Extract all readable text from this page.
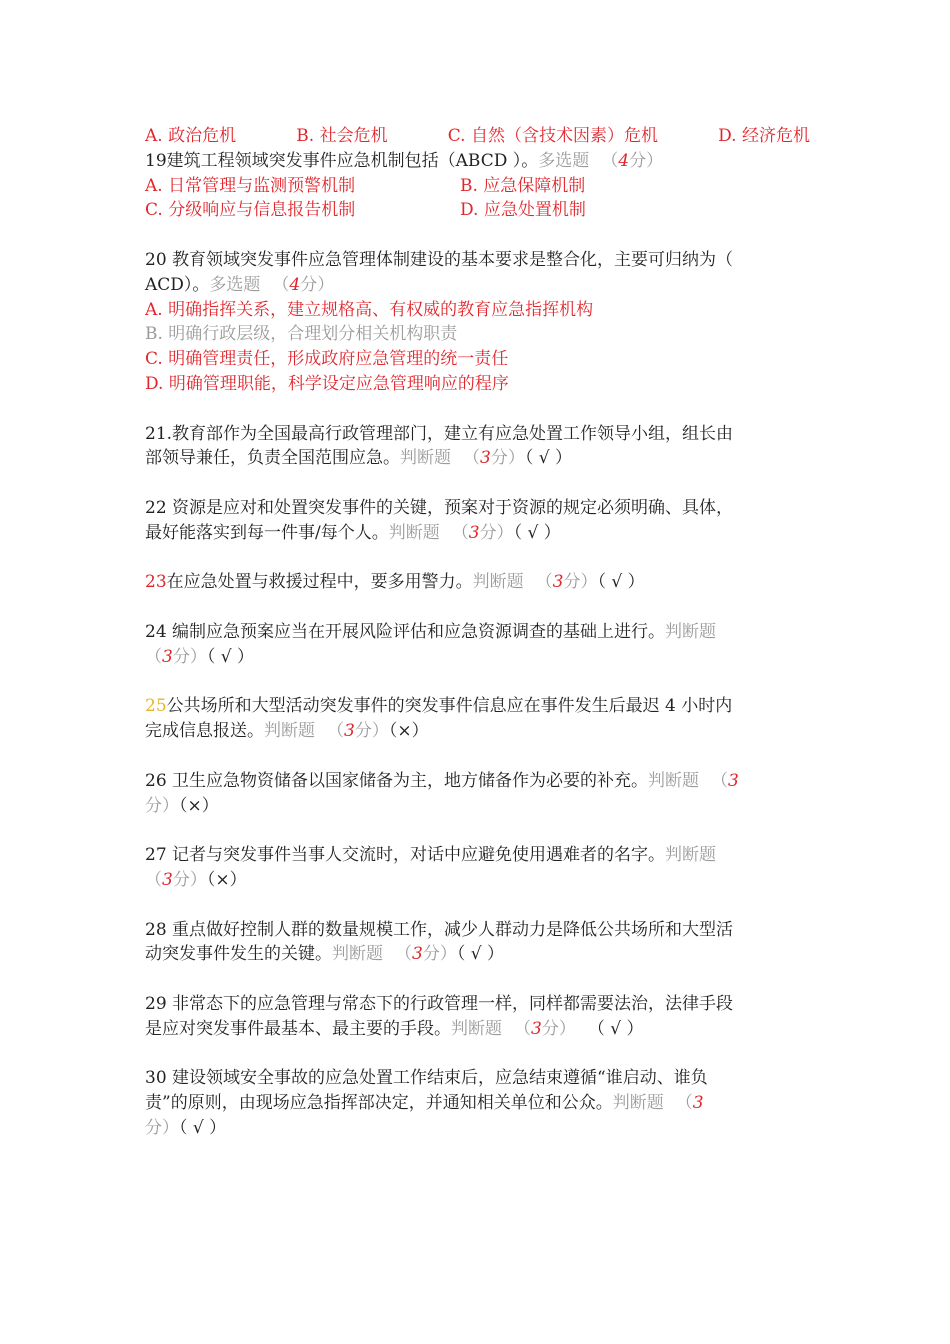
A. 政治危机	B. 社会危机	C. 自然（含技术因素）危机	D. 经济危机
19建筑工程领域突发事件应急机制包括（ABCD ）。多选题 （4分）
A. 日常管理与监测预警机制	B. 应急保障机制
C. 分级响应与信息报告机制	D. 应急处置机制
20 教育领域突发事件应急管理体制建设的基本要求是整合化，主要可归纳为（
ACD）。多选题 （4分）
A. 明确指挥关系，建立规格高、有权威的教育应急指挥机构
B. 明确行政层级，合理划分相关机构职责
C. 明确管理责任，形成政府应急管理的统一责任
D. 明确管理职能，科学设定应急管理响应的程序
21.教育部作为全国最高行政管理部门，建立有应急处置工作领导小组，组长由
部领导兼任，负责全国范围应急。判断题 （3分）（ √ ）
22 资源是应对和处置突发事件的关键，预案对于资源的规定必须明确、具体，
最好能落实到每一件事/每个人。判断题 （3分）（ √ ）
23在应急处置与救援过程中，要多用警力。判断题 （3分）（ √ ）
24 编制应急预案应当在开展风险评估和应急资源调查的基础上进行。判断题
（3分）（ √ ）
25公共场所和大型活动突发事件的突发事件信息应在事件发生后最迟 4 小时内
完成信息报送。判断题 （3分）（×）
26 卫生应急物资储备以国家储备为主，地方储备作为必要的补充。判断题 （3
分）（×）
27 记者与突发事件当事人交流时，对话中应避免使用遇难者的名字。判断题
（3分）（×）
28 重点做好控制人群的数量规模工作，减少人群动力是降低公共场所和大型活
动突发事件发生的关键。判断题 （3分）（ √ ）
29 非常态下的应急管理与常态下的行政管理一样，同样都需要法治，法律手段
是应对突发事件最基本、最主要的手段。判断题 （3分） （ √ ）
30 建设领域安全事故的应急处置工作结束后，应急结束遵循“谁启动、谁负
责”的原则，由现场应急指挥部决定，并通知相关单位和公众。判断题 （3
分）（ √ ）
